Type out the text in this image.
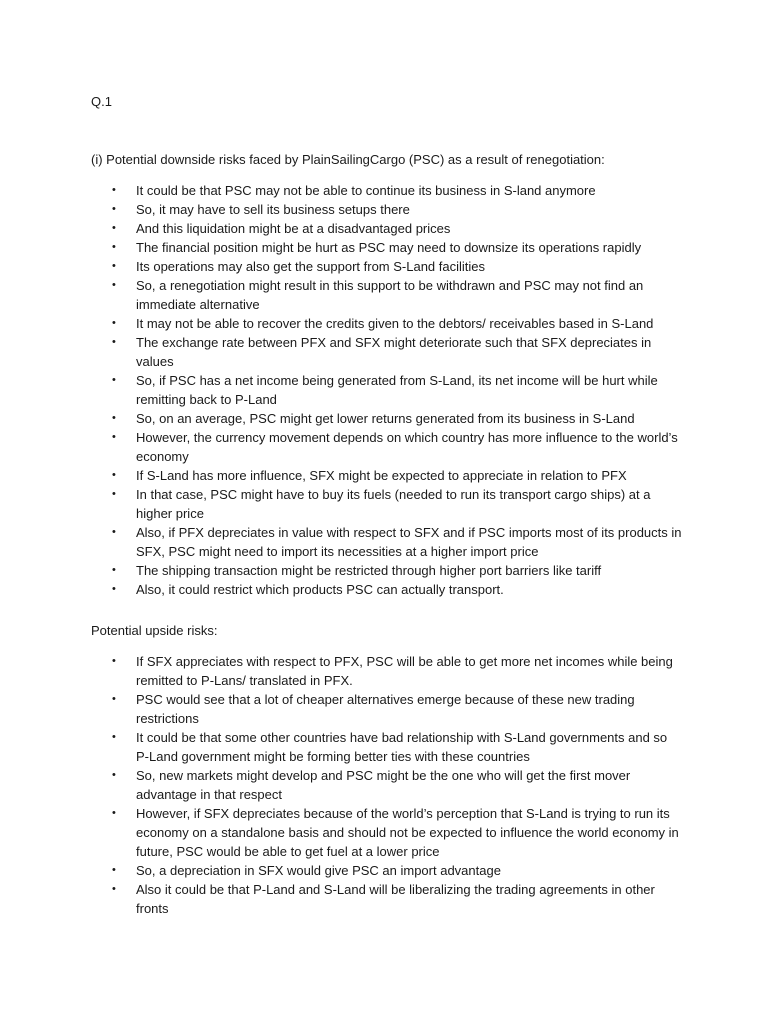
Q.1
(i) Potential downside risks faced by PlainSailingCargo (PSC) as a result of renegotiation:
• It could be that PSC may not be able to continue its business in S-land anymore
• So, it may have to sell its business setups there
• And this liquidation might be at a disadvantaged prices
• The financial position might be hurt as PSC may need to downsize its operations rapidly
• Its operations may also get the support from S-Land facilities
• So, a renegotiation might result in this support to be withdrawn and PSC may not find an immediate alternative
• It may not be able to recover the credits given to the debtors/ receivables based in S-Land
• The exchange rate between PFX and SFX might deteriorate such that SFX depreciates in values
• So, if PSC has a net income being generated from S-Land, its net income will be hurt while remitting back to P-Land
• So, on an average, PSC might get lower returns generated from its business in S-Land
• However, the currency movement depends on which country has more influence to the world’s economy
• If S-Land has more influence, SFX might be expected to appreciate in relation to PFX
• In that case, PSC might have to buy its fuels (needed to run its transport cargo ships) at a higher price
• Also, if PFX depreciates in value with respect to SFX and if PSC imports most of its products in SFX, PSC might need to import its necessities at a higher import price
• The shipping transaction might be restricted through higher port barriers like tariff
• Also, it could restrict which products PSC can actually transport.
Potential upside risks:
• If SFX appreciates with respect to PFX, PSC will be able to get more net incomes while being remitted to P-Lans/ translated in PFX.
• PSC would see that a lot of cheaper alternatives emerge because of these new trading restrictions
• It could be that some other countries have bad relationship with S-Land governments and so P-Land government might be forming better ties with these countries
• So, new markets might develop and PSC might be the one who will get the first mover advantage in that respect
• However, if SFX depreciates because of the world’s perception that S-Land is trying to run its economy on a standalone basis and should not be expected to influence the world economy in future, PSC would be able to get fuel at a lower price
• So, a depreciation in SFX would give PSC an import advantage
• Also it could be that P-Land and S-Land will be liberalizing the trading agreements in other fronts
